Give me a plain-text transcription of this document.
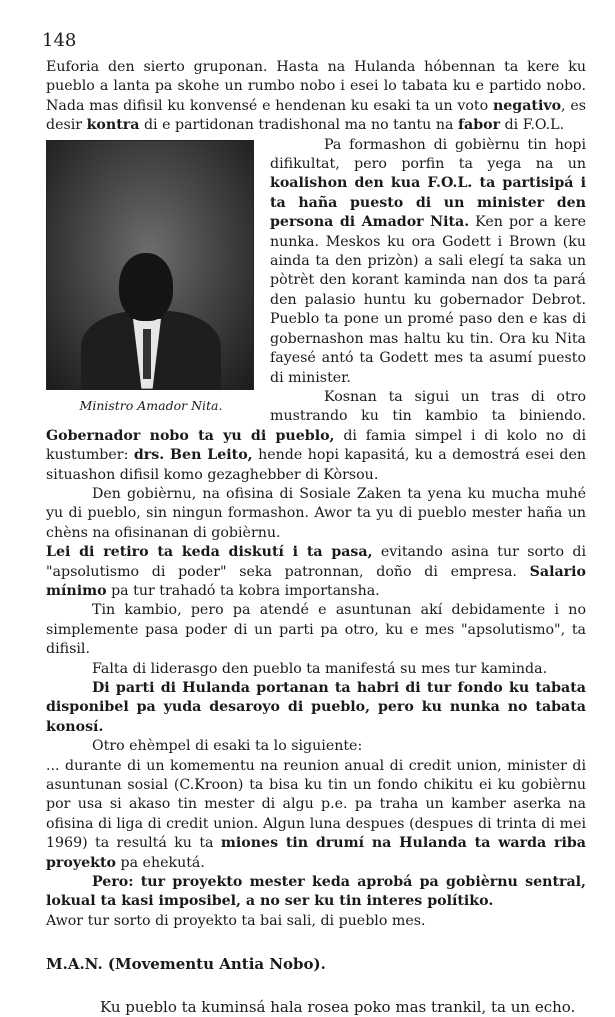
148

Euforia den sierto gruponan. Hasta na Hulanda hóbennan ta kere ku pueblo a lanta pa skohe un rumbo nobo i esei lo tabata ku e partido nobo. Nada mas difisil ku konvensé e hendenan ku esaki ta un voto negativo, es desir kontra di e partidonan tradishonal ma no tantu na fabor di F.O.L.

Ministro Amador Nita.

Pa formashon di gobièrnu tin hopi difikultat, pero porfin ta yega na un koalishon den kua F.O.L. ta partisipá i ta haña puesto di un minister den persona di Amador Nita. Ken por a kere nunka. Meskos ku ora Godett i Brown (ku ainda ta den prizòn) a sali elegí ta saka un pòtrèt den korant kaminda nan dos ta pará den palasio huntu ku gobernador Debrot. Pueblo ta pone un promé paso den e kas di gobernashon mas haltu ku tin. Ora ku Nita fayesé antó ta Godett mes ta asumí puesto di minister.

Kosnan ta sigui un tras di otro mustrando ku tin kambio ta biniendo. Gobernador nobo ta yu di pueblo, di famia simpel i di kolo no di kustumber: drs. Ben Leito, hende hopi kapasitá, ku a demostrá esei den situashon difisil komo gezaghebber di Kòrsou.

Den gobièrnu, na ofisina di Sosiale Zaken ta yena ku mucha muhé yu di pueblo, sin ningun formashon. Awor ta yu di pueblo mester haña un chèns na ofisinanan di gobièrnu.

Lei di retiro ta keda diskutí i ta pasa, evitando asina tur sorto di "apsolutismo di poder" seka patronnan, doño di empresa. Salario mínimo pa tur trahadó ta kobra importansha.

Tin kambio, pero pa atendé e asuntunan akí debidamente i no simplemente pasa poder di un parti pa otro, ku e mes "apsolutismo", ta difisil.

Falta di liderasgo den pueblo ta manifestá su mes tur kaminda.

Di parti di Hulanda portanan ta habri di tur fondo ku tabata disponibel pa yuda desaroyo di pueblo, pero ku nunka no tabata konosí.

Otro ehèmpel di esaki ta lo siguiente:

... durante di un komementu na reunion anual di credit union, minister di asuntunan sosial (C.Kroon) ta bisa ku tin un fondo chikitu ei ku gobièrnu por usa si akaso tin mester di algu p.e. pa traha un kamber aserka na ofisina di liga di credit union. Algun luna despues (despues di trinta di mei 1969) ta resultá ku ta miones tin drumí na Hulanda ta warda riba proyekto pa ehekutá.

Pero: tur proyekto mester keda aprobá pa gobièrnu sentral, lokual ta kasi imposibel, a no ser ku tin interes polítiko.

Awor tur sorto di proyekto ta bai sali, di pueblo mes.

M.A.N. (Movementu Antia Nobo).

Ku pueblo ta kuminsá hala rosea poko mas trankil, ta un echo.
